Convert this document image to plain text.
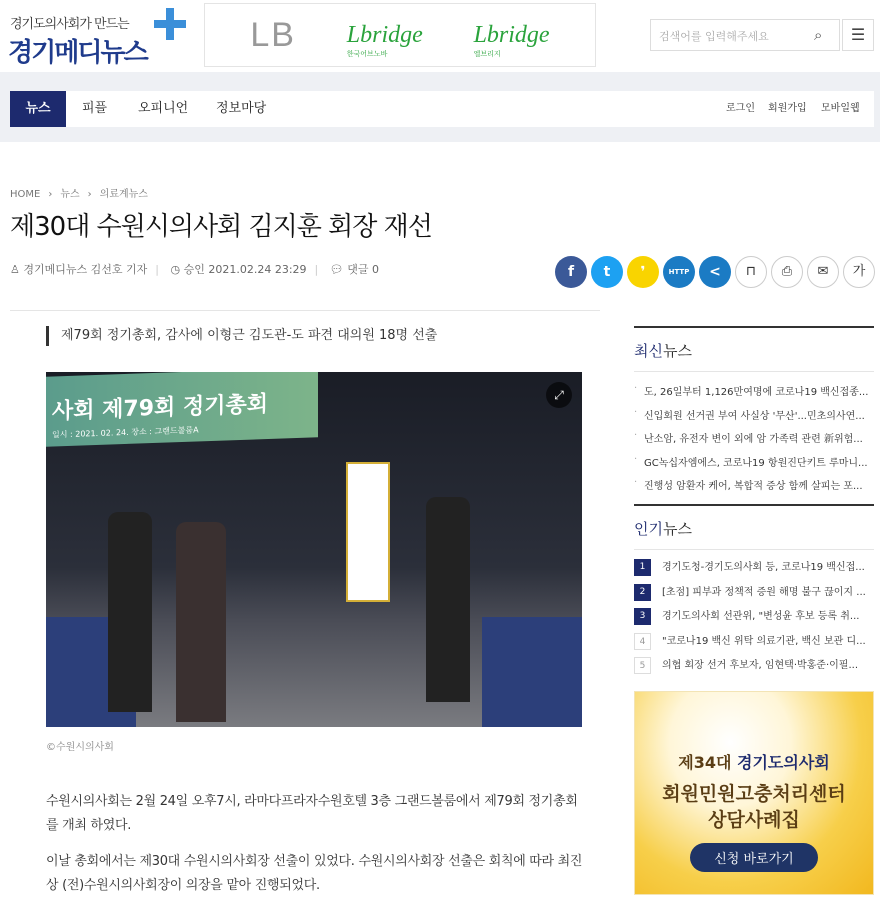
경기도의사회가 만드는
경기메디뉴스	LB Lbridge
한국어브노바
Lbridge
엘브리지
검색어를 입력해주세요	⌕	☰
뉴스	피플 오피니언 정보마당	로그인 회원가입 모바일웹
HOME › 뉴스 › 의료계뉴스
제30대 수원시의사회 김지훈 회장 재선
♙ 경기메디뉴스 김선호 기자 | ◷ 승인 2021.02.24 23:29 | 💬︎ 댓글 0	f	t	❜	HTTP	<	⊓	⎙	✉	가
제79회 정기총회, 감사에 이형근 김도관-도 파견 대의원 18명 선출
사회 제79회 정기총회
일시 : 2021. 02. 24. 장소 : 그랜드볼룸A
⤢
©수원시의사회

수원시의사회는 2월 24일 오후7시, 라마다프라자수원호텔 3층 그랜드볼룸에서 제79회 정기총회를 개최 하였다.

이날 총회에서는 제30대 수원시의사회장 선출이 있었다. 수원시의사회장 선출은 회칙에 따라 최진상 (전)수원시의사회장이 의장을 맡아 진행되었다.

최신뉴스
· 도, 26일부터 1,126만여명에 코로나19 백신접종...
· 신입회원 선거권 부여 사실상 '무산'...민초의사연...
· 난소암, 유전자 변이 외에 암 가족력 관련 新위험...
· GC녹십자엠에스, 코로나19 항원진단키트 루마니...
· 진행성 암환자 케어, 복합적 증상 함께 살피는 포...
인기뉴스
1	경기도청-경기도의사회 등, 코로나19 백신접...
2	[초점] 피부과 정책적 증원 해명 불구 끊이지 ...
3	경기도의사회 선관위, "변성윤 후보 등록 취...
4	"코로나19 백신 위탁 의료기관, 백신 보관 디...
5	의협 회장 선거 후보자, 임현택·박홍준·이필...
제34대 경기도의사회
회원민원고충처리센터
상담사례집
신청 바로가기
